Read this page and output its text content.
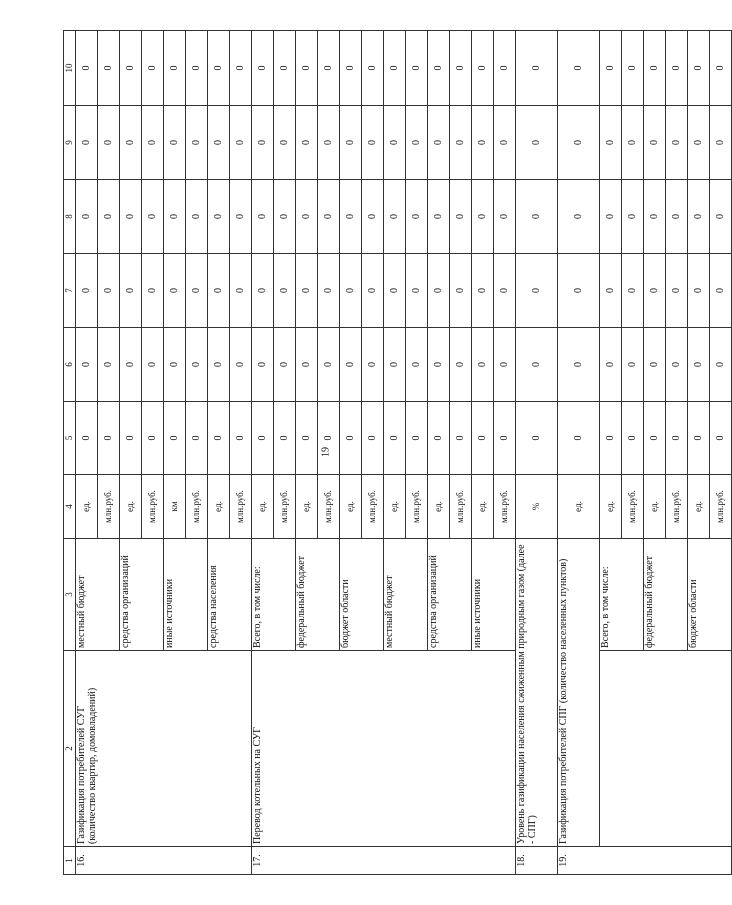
19
1	2	3	4	5	6	7	8	9	10
16.	Газификация потребителей СУГ (количество квартир, домовладений)	местный бюджет	ед.	0	0	0	0	0	0
			млн.руб.	0	0	0	0	0	0
		средства организаций	ед.	0	0	0	0	0	0
			млн.руб.	0	0	0	0	0	0
		иные источники	км	0	0	0	0	0	0
			млн.руб.	0	0	0	0	0	0
		средства населения	ед.	0	0	0	0	0	0
			млн.руб.	0	0	0	0	0	0
17.	Перевод котельных на СУГ	Всего, в том числе:	ед.	0	0	0	0	0	0
			млн.руб.	0	0	0	0	0	0
		федеральный бюджет	ед.	0	0	0	0	0	0
			млн.руб.	0	0	0	0	0	0
		бюджет области	ед.	0	0	0	0	0	0
			млн.руб.	0	0	0	0	0	0
		местный бюджет	ед.	0	0	0	0	0	0
			млн.руб.	0	0	0	0	0	0
		средства организаций	ед.	0	0	0	0	0	0
			млн.руб.	0	0	0	0	0	0
		иные источники	ед.	0	0	0	0	0	0
			млн.руб.	0	0	0	0	0	0
18.	Уровень газификации населения сжиженным природным газом (далее - СПГ)		%	0	0	0	0	0	0
19.	Газификация потребителей СПГ (количество населенных пунктов)		ед.	0	0	0	0	0	0
		Всего, в том числе:	ед.	0	0	0	0	0	0
			млн.руб.	0	0	0	0	0	0
		федеральный бюджет	ед.	0	0	0	0	0	0
			млн.руб.	0	0	0	0	0	0
		бюджет области	ед.	0	0	0	0	0	0
			млн.руб.	0	0	0	0	0	0
